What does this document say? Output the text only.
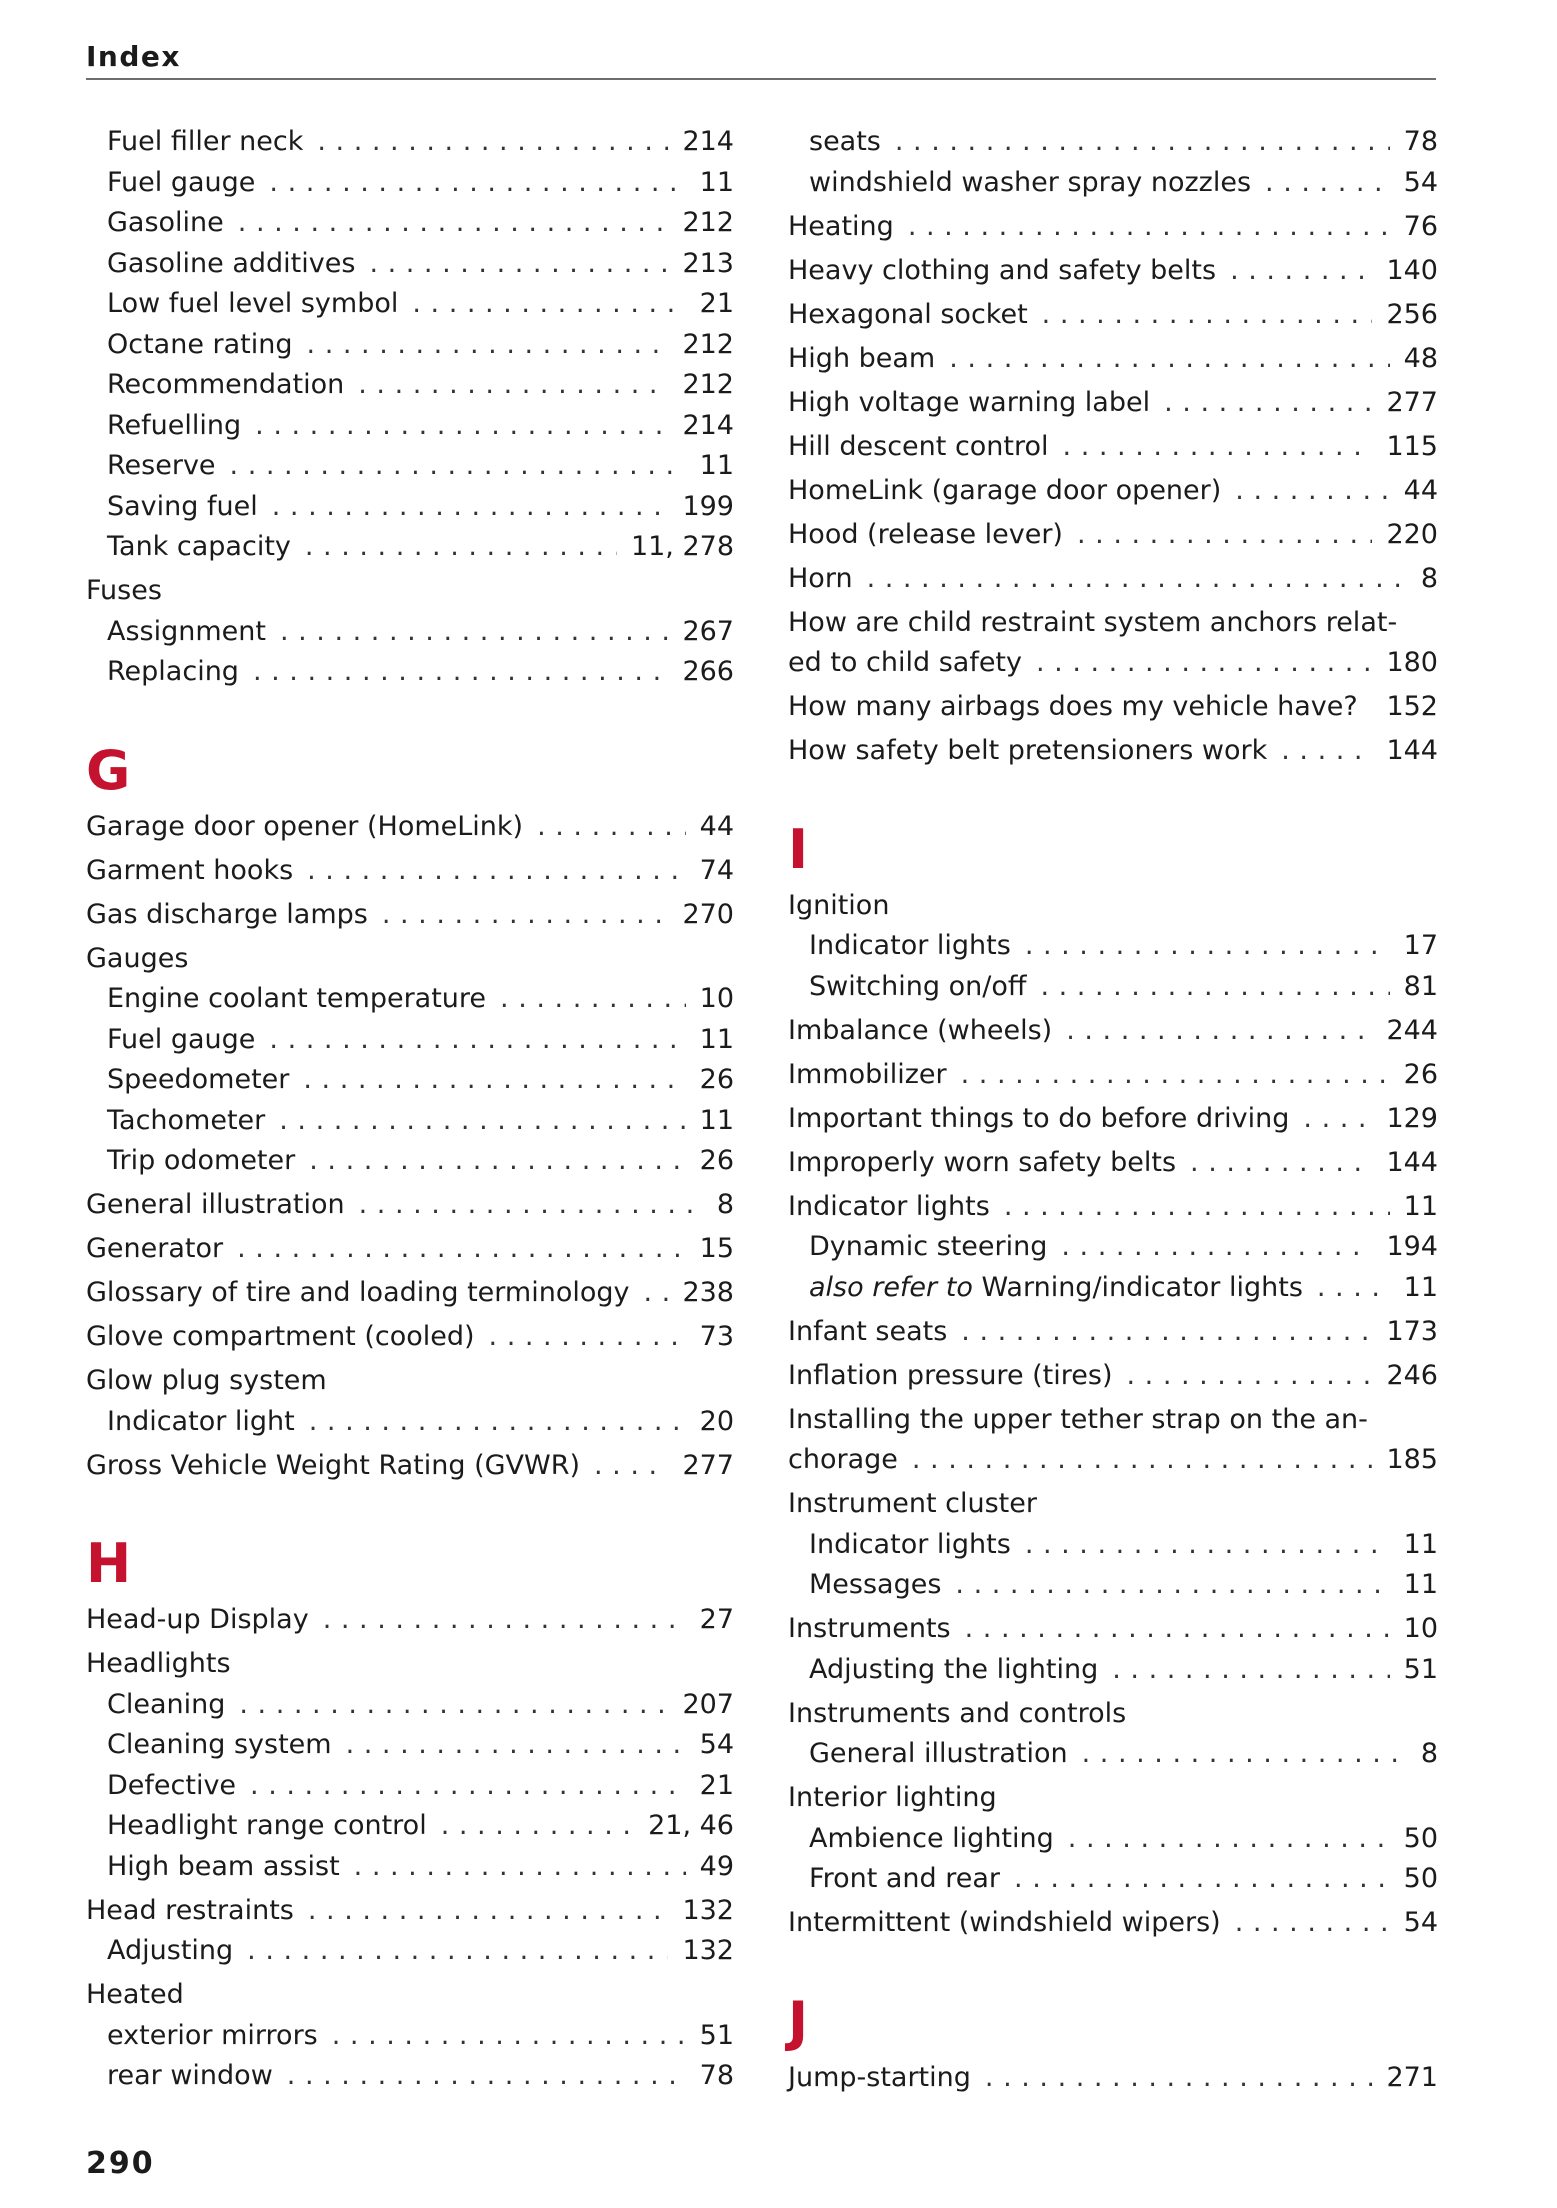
Index
Fuel filler neck . . .	214
Fuel gauge . . .	11
Gasoline . . .	212
Gasoline additives . . .	213
Low fuel level symbol . . .	21
Octane rating . . .	212
Recommendation . . .	212
Refuelling . . .	214
Reserve . . .	11
Saving fuel . . .	199
Tank capacity . . .	11, 278
Fuses
Assignment . . .	267
Replacing . . .	266
G
Garage door opener (HomeLink) . . .	44
Garment hooks . . .	74
Gas discharge lamps . . .	270
Gauges
Engine coolant temperature . . .	10
Fuel gauge . . .	11
Speedometer . . .	26
Tachometer . . .	11
Trip odometer . . .	26
General illustration . . .	8
Generator . . .	15
Glossary of tire and loading terminology . . . 238
Glove compartment (cooled) . . .	73
Glow plug system
Indicator light . . .	20
Gross Vehicle Weight Rating (GVWR) . . .	277
H
Head-up Display . . .	27
Headlights
Cleaning . . .	207
Cleaning system . . .	54
Defective . . .	21
Headlight range control . . .	21, 46
High beam assist . . .	49
Head restraints . . .	132
Adjusting . . .	132
Heated
exterior mirrors . . .	51
rear window . . .	78
seats . . .	78
windshield washer spray nozzles . . .	54
Heating . . .	76
Heavy clothing and safety belts . . .	140
Hexagonal socket . . .	256
High beam . . .	48
High voltage warning label . . .	277
Hill descent control . . .	115
HomeLink (garage door opener) . . .	44
Hood (release lever) . . .	220
Horn . . .	8
How are child restraint system anchors relat-
ed to child safety . . .	180
How many airbags does my vehicle have? . . . 152
How safety belt pretensioners work . . .	144
I
Ignition
Indicator lights . . .	17
Switching on/off . . .	81
Imbalance (wheels) . . .	244
Immobilizer . . .	26
Important things to do before driving . . .	129
Improperly worn safety belts . . .	144
Indicator lights . . .	11
Dynamic steering . . .	194
also refer to Warning/indicator lights . . .	11
Infant seats . . .	173
Inflation pressure (tires) . . .	246
Installing the upper tether strap on the an-
chorage . . .	185
Instrument cluster
Indicator lights . . .	11
Messages . . .	11
Instruments . . .	10
Adjusting the lighting . . .	51
Instruments and controls
General illustration . . .	8
Interior lighting
Ambience lighting . . .	50
Front and rear . . .	50
Intermittent (windshield wipers) . . .	54
J
Jump-starting . . .	271
290
